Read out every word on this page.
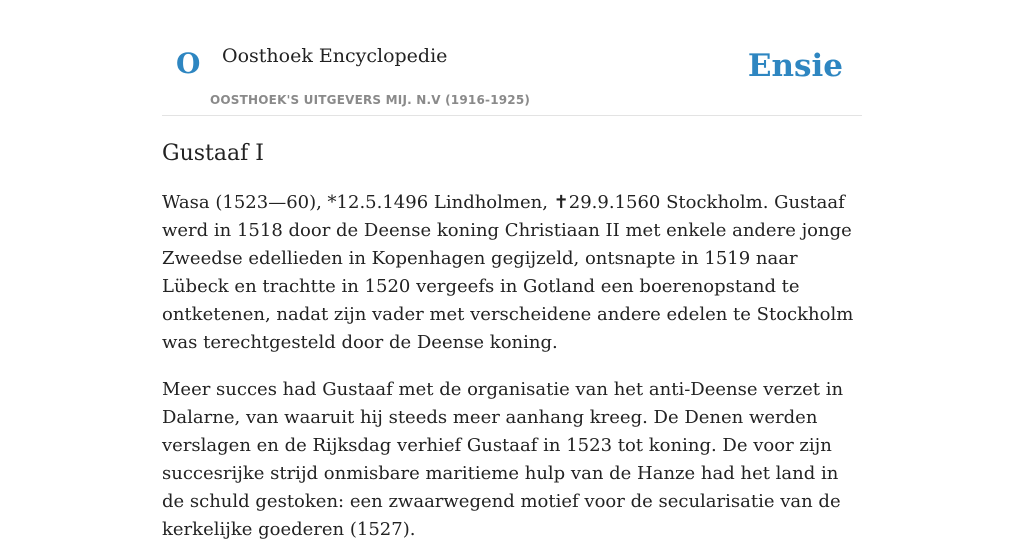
O Oosthoek Encyclopedie
OOSTHOEK'S UITGEVERS MIJ. N.V (1916-1925)
Ensie
Gustaaf I

Wasa (1523—60), *12.5.1496 Lindholmen, ✝29.9.1560 Stockholm. Gustaaf werd in 1518 door de Deense koning Christiaan II met enkele andere jonge Zweedse edellieden in Kopenhagen gegijzeld, ontsnapte in 1519 naar Lübeck en trachtte in 1520 vergeefs in Gotland een boerenopstand te ontketenen, nadat zijn vader met verscheidene andere edelen te Stockholm was terechtgesteld door de Deense koning.

Meer succes had Gustaaf met de organisatie van het anti-Deense verzet in Dalarne, van waaruit hij steeds meer aanhang kreeg. De Denen werden verslagen en de Rijksdag verhief Gustaaf in 1523 tot koning. De voor zijn succesrijke strijd onmisbare maritieme hulp van de Hanze had het land in de schuld gestoken: een zwaarwegend motief voor de secularisatie van de kerkelijke goederen (1527).
